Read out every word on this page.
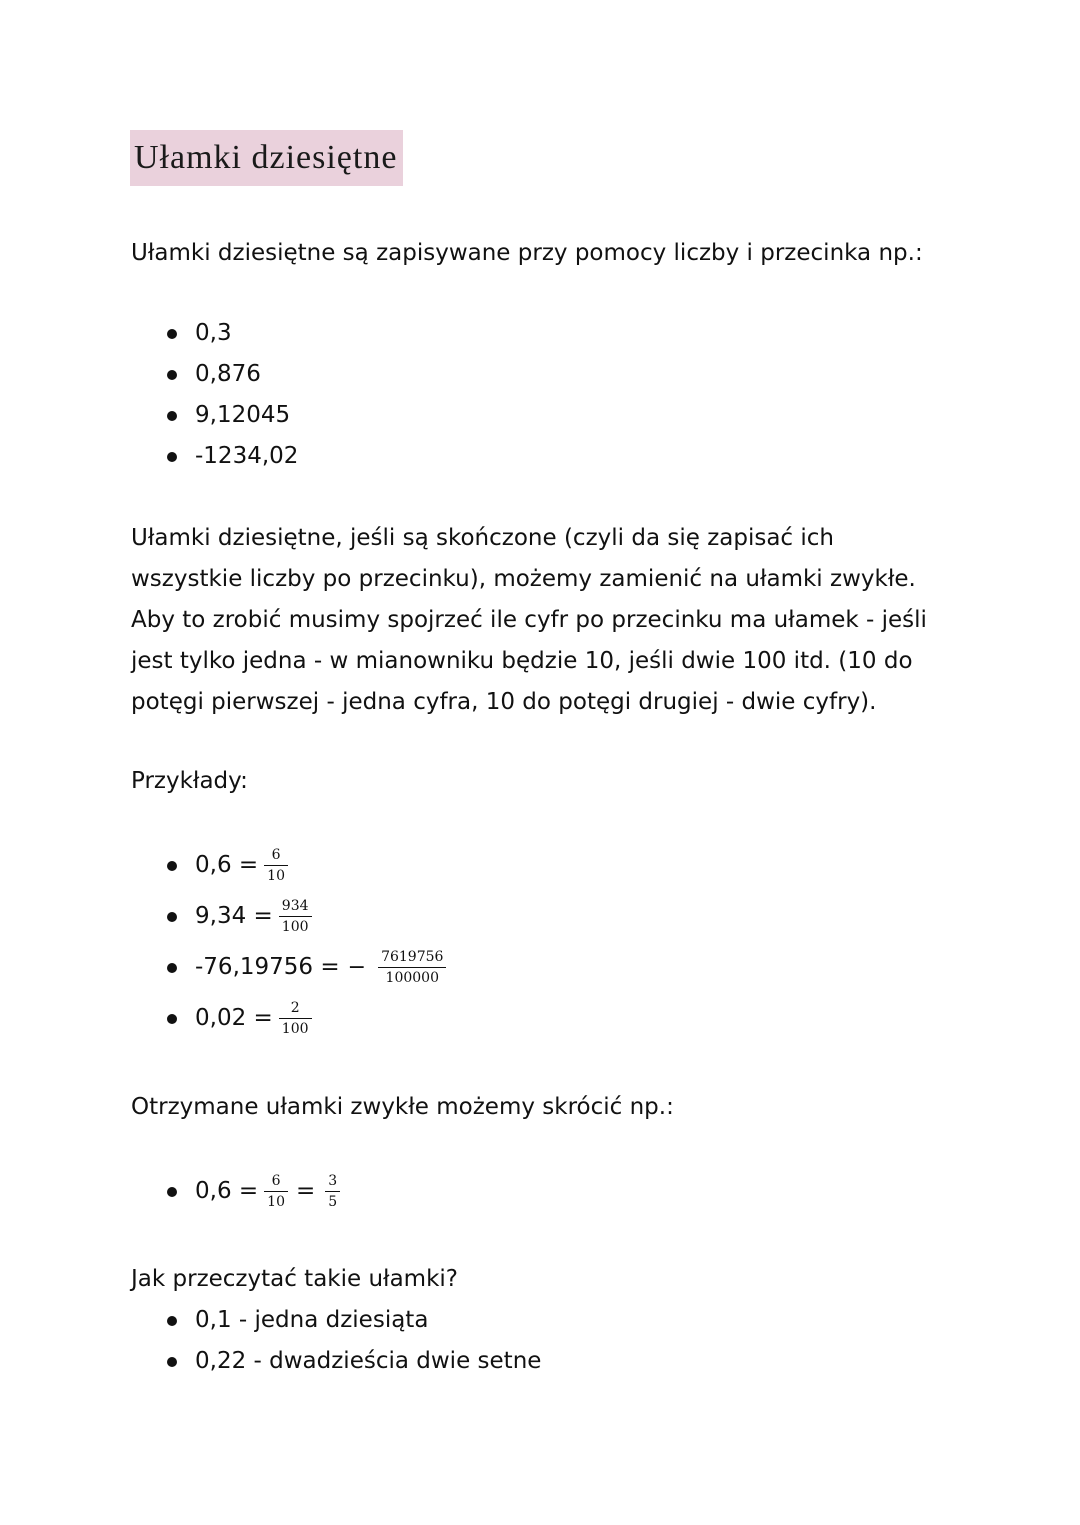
Ułamki dziesiętne
Ułamki dziesiętne są zapisywane przy pomocy liczby i przecinka np.:
0,3
0,876
9,12045
-1234,02
Ułamki dziesiętne, jeśli są skończone (czyli da się zapisać ich
wszystkie liczby po przecinku), możemy zamienić na ułamki zwykłe.
Aby to zrobić musimy spojrzeć ile cyfr po przecinku ma ułamek - jeśli
jest tylko jedna - w mianowniku będzie 10, jeśli dwie 100 itd. (10 do
potęgi pierwszej - jedna cyfra, 10 do potęgi drugiej - dwie cyfry).
Przykłady:
$0,6 = \frac{6}{10}$
$9,34 = \frac{934}{100}$
-76,19756 = − $\frac{7619756}{100000}$
$0,02 = \frac{2}{100}$
Otrzymane ułamki zwykłe możemy skrócić np.:
$0,6 = \frac{6}{10} = \frac{3}{5}$
Jak przeczytać takie ułamki?
0,1 - jedna dziesiąta
0,22 - dwadzieścia dwie setne
